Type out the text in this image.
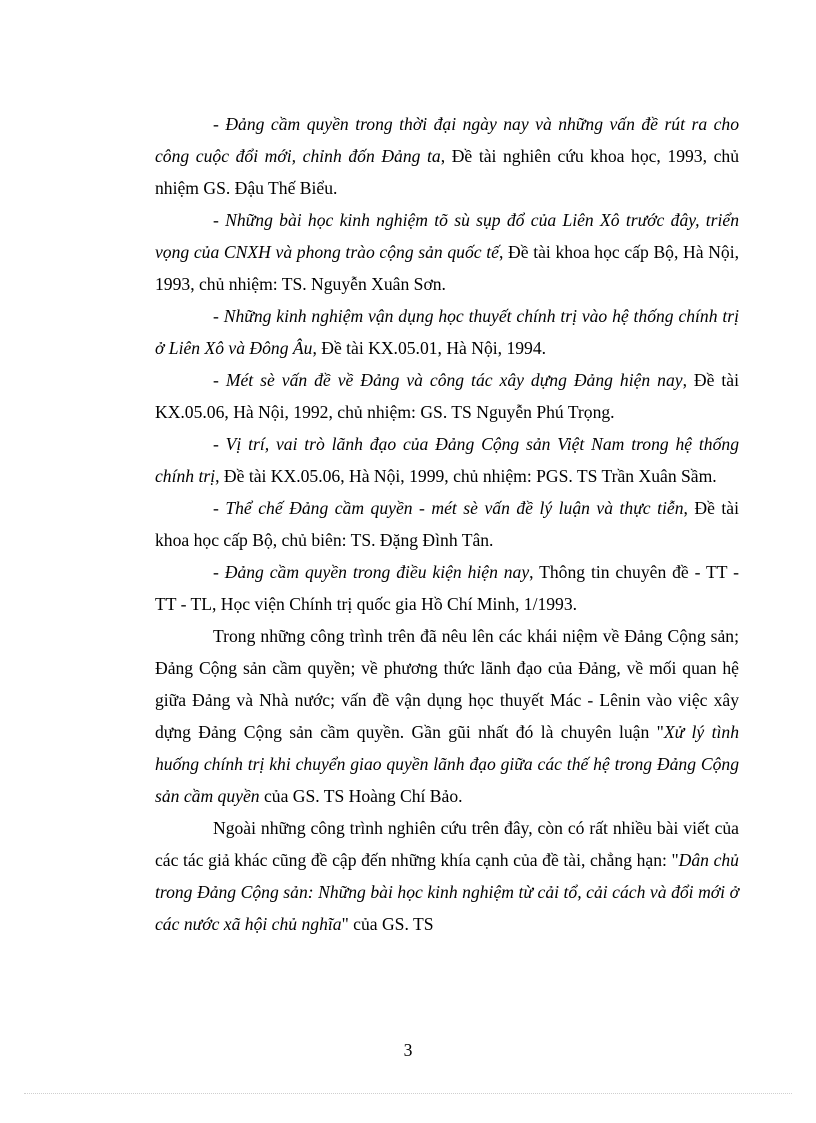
- Đảng cầm quyền trong thời đại ngày nay và những vấn đề rút ra cho công cuộc đổi mới, chỉnh đốn Đảng ta, Đề tài nghiên cứu khoa học, 1993, chủ nhiệm GS. Đậu Thế Biểu.

- Những bài học kinh nghiệm tõ sù sụp đổ của Liên Xô trước đây, triển vọng của CNXH và phong trào cộng sản quốc tế, Đề tài khoa học cấp Bộ, Hà Nội, 1993, chủ nhiệm: TS. Nguyễn Xuân Sơn.

- Những kinh nghiệm vận dụng học thuyết chính trị vào hệ thống chính trị ở Liên Xô và Đông Âu, Đề tài KX.05.01, Hà Nội, 1994.

- Mét sè vấn đề về Đảng và công tác xây dựng Đảng hiện nay, Đề tài KX.05.06, Hà Nội, 1992, chủ nhiệm: GS. TS Nguyễn Phú Trọng.

- Vị trí, vai trò lãnh đạo của Đảng Cộng sản Việt Nam trong hệ thống chính trị, Đề tài KX.05.06, Hà Nội, 1999, chủ nhiệm: PGS. TS Trần Xuân Sầm.

- Thể chế Đảng cầm quyền - mét sè vấn đề lý luận và thực tiễn, Đề tài khoa học cấp Bộ, chủ biên: TS. Đặng Đình Tân.

- Đảng cầm quyền trong điều kiện hiện nay, Thông tin chuyên đề - TT - TT - TL, Học viện Chính trị quốc gia Hồ Chí Minh, 1/1993.

Trong những công trình trên đã nêu lên các khái niệm về Đảng Cộng sản; Đảng Cộng sản cầm quyền; về phương thức lãnh đạo của Đảng, về mối quan hệ giữa Đảng và Nhà nước; vấn đề vận dụng học thuyết Mác - Lênin vào việc xây dựng Đảng Cộng sản cầm quyền. Gần gũi nhất đó là chuyên luận "Xử lý tình huống chính trị khi chuyển giao quyền lãnh đạo giữa các thế hệ trong Đảng Cộng sản cầm quyền của GS. TS Hoàng Chí Bảo.

Ngoài những công trình nghiên cứu trên đây, còn có rất nhiều bài viết của các tác giả khác cũng đề cập đến những khía cạnh của đề tài, chẳng hạn: "Dân chủ trong Đảng Cộng sản: Những bài học kinh nghiệm từ cải tổ, cải cách và đổi mới ở các nước xã hội chủ nghĩa" của GS. TS

3
